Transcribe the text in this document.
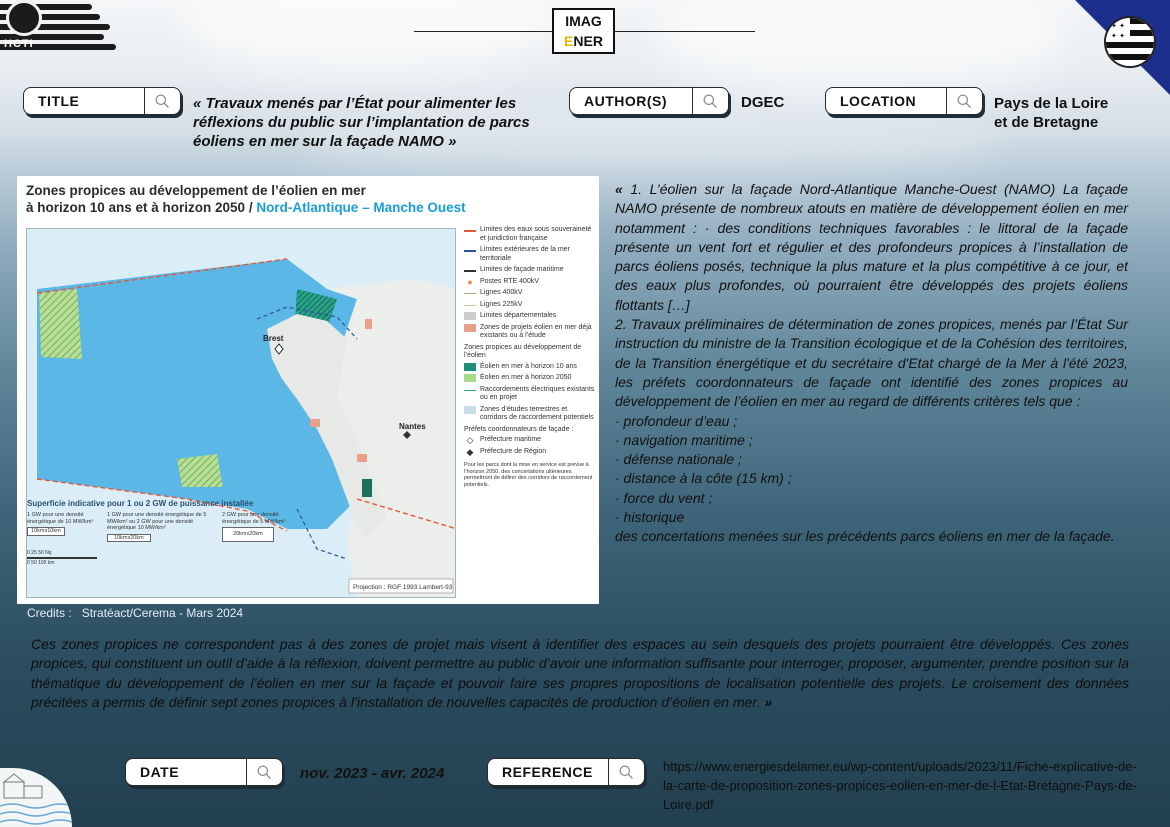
HCTI
IMAG
ENER
✦ ✦
✦ ✦
TITLE	« Travaux menés par l’État pour alimenter les réflexions du public sur l’implantation de parcs éoliens en mer sur la façade NAMO »
AUTHOR(S)	DGEC	LOCATION	Pays de la Loire
et de Bretagne
Zones propices au développement de l’éolien en mer
à horizon 10 ans et à horizon 2050 / Nord-Atlantique – Manche Ouest
Brest
Nantes
Projection : RGF 1993 Lambert-93
Superficie indicative pour 1 ou 2 GW de puissance installée
1 GW pour une densité énergétique de 10 MW/km²
10kmx10km
1 GW pour une densité énergétique de 5 MW/km² ou 2 GW pour une densité énergétique 10 MW/km²
10kmx20km
2 GW pour une densité énergétique de 5 MW/km²
20kmx20km
0 25 50 Nq
0 50 100 km
Limites des eaux sous souveraineté et juridiction française
Limites extérieures de la mer territoriale
Limites de façade maritime
●	Postes RTE 400kV
Lignes 400kV
Lignes 225kV
Limites départementales
Zones de projets éolien en mer déjà existants ou à l’étude
Zones propices au développement de l’éolien
Éolien en mer à horizon 10 ans
Éolien en mer à horizon 2050
Raccordements électriques existants ou en projet
Zones d’études terrestres et corridors de raccordement potentiels
Préfets coordonnateurs de façade :
◇ Préfecture maritime
◆ Préfecture de Région
Pour les parcs dont la mise en service est prévue à l’horizon 2050, des concertations ultérieures permettront de définir des corridors de raccordement potentiels.
Credits : Stratéact/Cerema - Mars 2024

« 1. L’éolien sur la façade Nord-Atlantique Manche-Ouest (NAMO) La façade NAMO présente de nombreux atouts en matière de développement éolien en mer notamment : · des conditions techniques favorables : le littoral de la façade présente un vent fort et régulier et des profondeurs propices à l’installation de parcs éoliens posés, technique la plus mature et la plus compétitive à ce jour, et des eaux plus profondes, où pourraient être développés des projets éoliens flottants […]

2. Travaux préliminaires de détermination de zones propices, menés par l’État Sur instruction du ministre de la Transition écologique et de la Cohésion des territoires, de la Transition énergétique et du secrétaire d'Etat chargé de la Mer à l'été 2023, les préfets coordonnateurs de façade ont identifié des zones propices au développement de l’éolien en mer au regard de différents critères tels que :

· profondeur d’eau ;

· navigation maritime ;

· défense nationale ;

· distance à la côte (15 km) ;

· force du vent ;

· historique

des concertations menées sur les précédents parcs éoliens en mer de la façade.

Ces zones propices ne correspondent pas à des zones de projet mais visent à identifier des espaces au sein desquels des projets pourraient être développés. Ces zones propices, qui constituent un outil d’aide à la réflexion, doivent permettre au public d’avoir une information suffisante pour interroger, proposer, argumenter, prendre position sur la thématique du développement de l’éolien en mer sur la façade et pouvoir faire ses propres propositions de localisation potentielle des projets. Le croisement des données précitées a permis de définir sept zones propices à l’installation de nouvelles capacités de production d’éolien en mer. »
DATE	nov. 2023 - avr. 2024	REFERENCE	https://www.energiesdelamer.eu/wp-content/uploads/2023/11/Fiche-explicative-de-la-carte-de-proposition-zones-propices-eolien-en-mer-de-l-Etat-Bretagne-Pays-de-Loire.pdf
